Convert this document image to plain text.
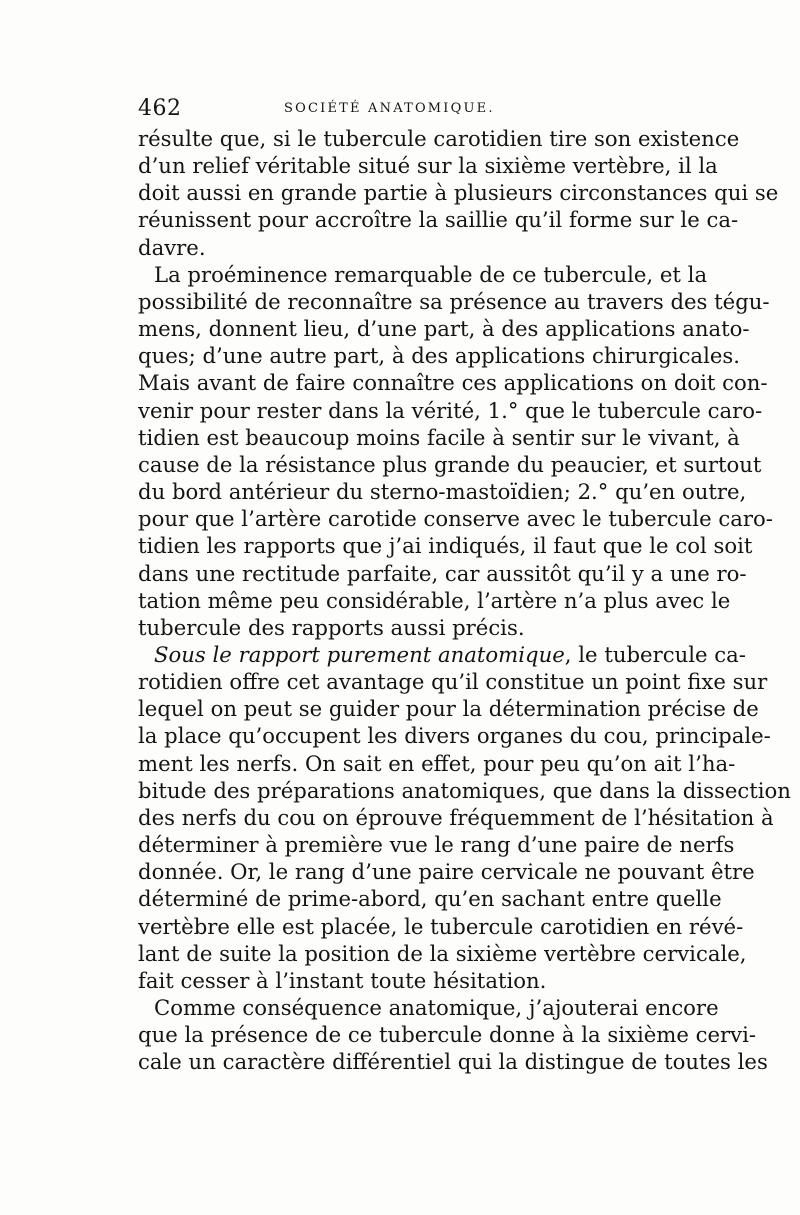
462	SOCIÉTÉ ANATOMIQUE.
résulte que, si le tubercule carotidien tire son existence
d’un relief véritable situé sur la sixième vertèbre, il la
doit aussi en grande partie à plusieurs circonstances qui se
réunissent pour accroître la saillie qu’il forme sur le ca-
davre.
La proéminence remarquable de ce tubercule, et la
possibilité de reconnaître sa présence au travers des tégu-
mens, donnent lieu, d’une part, à des applications anato-
ques; d’une autre part, à des applications chirurgicales.
Mais avant de faire connaître ces applications on doit con-
venir pour rester dans la vérité, 1.° que le tubercule caro-
tidien est beaucoup moins facile à sentir sur le vivant, à
cause de la résistance plus grande du peaucier, et surtout
du bord antérieur du sterno-mastoïdien; 2.° qu’en outre,
pour que l’artère carotide conserve avec le tubercule caro-
tidien les rapports que j’ai indiqués, il faut que le col soit
dans une rectitude parfaite, car aussitôt qu’il y a une ro-
tation même peu considérable, l’artère n’a plus avec le
tubercule des rapports aussi précis.
Sous le rapport purement anatomique, le tubercule ca-
rotidien offre cet avantage qu’il constitue un point fixe sur
lequel on peut se guider pour la détermination précise de
la place qu’occupent les divers organes du cou, principale-
ment les nerfs. On sait en effet, pour peu qu’on ait l’ha-
bitude des préparations anatomiques, que dans la dissection
des nerfs du cou on éprouve fréquemment de l’hésitation à
déterminer à première vue le rang d’une paire de nerfs
donnée. Or, le rang d’une paire cervicale ne pouvant être
déterminé de prime-abord, qu’en sachant entre quelle
vertèbre elle est placée, le tubercule carotidien en révé-
lant de suite la position de la sixième vertèbre cervicale,
fait cesser à l’instant toute hésitation.
Comme conséquence anatomique, j’ajouterai encore
que la présence de ce tubercule donne à la sixième cervi-
cale un caractère différentiel qui la distingue de toutes les
